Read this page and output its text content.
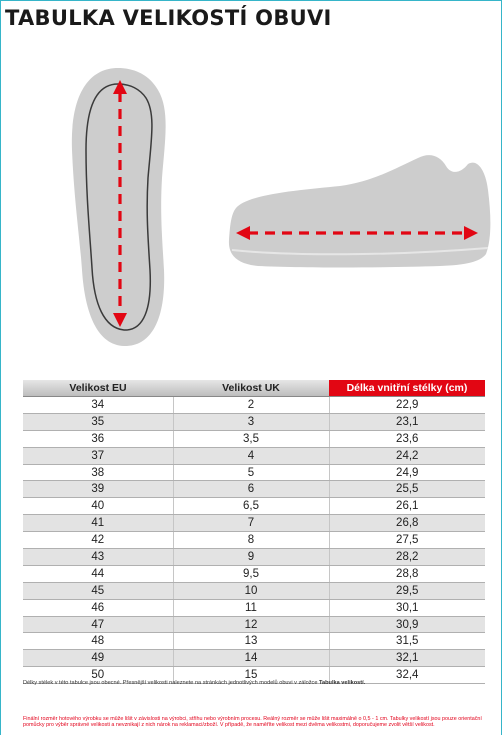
TABULKA VELIKOSTÍ OBUVI
Velikost EU	Velikost UK	Délka vnitřní stélky (cm)
34	2	22,9
35	3	23,1
36	3,5	23,6
37	4	24,2
38	5	24,9
39	6	25,5
40	6,5	26,1
41	7	26,8
42	8	27,5
43	9	28,2
44	9,5	28,8
45	10	29,5
46	11	30,1
47	12	30,9
48	13	31,5
49	14	32,1
50	15	32,4
Délky stélek v této tabulce jsou obecné. Přesnější velikosti naleznete na stránkách jednotlivých modelů obuvi v záložce Tabulka velikostí.
Finální rozměr hotového výrobku se může lišit v závislosti na výrobci, střihu nebo výrobním procesu. Reálný rozměr se může lišit maximálně o 0,5 - 1 cm. Tabulky velikostí jsou pouze orientační pomůcky pro výběr správné velikosti a nevznikají z nich nárok na reklamaci/zboží. V případě, že naměříte velikost mezi dvěma velikostmi, doporučujeme zvolit větší velikost.
